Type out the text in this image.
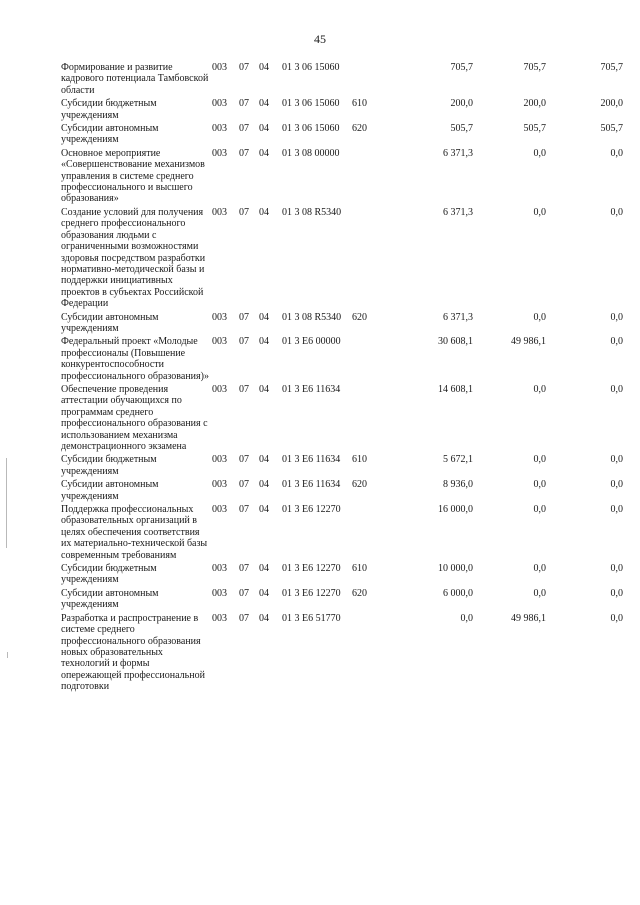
45
Формирование и развитие кадрового потенциала Тамбовской области	003	07	04	01 3 06 15060		705,7	705,7	705,7
Субсидии бюджетным учреждениям	003	07	04	01 3 06 15060	610	200,0	200,0	200,0
Субсидии автономным учреждениям	003	07	04	01 3 06 15060	620	505,7	505,7	505,7
Основное мероприятие «Совершенствование механизмов управления в системе среднего профессионального и высшего образования»	003	07	04	01 3 08 00000		6 371,3	0,0	0,0
Создание условий для получения среднего профессионального образования людьми с ограниченными возможностями здоровья посредством разработки нормативно-методической базы и поддержки инициативных проектов в субъектах Российской Федерации	003	07	04	01 3 08 R5340		6 371,3	0,0	0,0
Субсидии автономным учреждениям	003	07	04	01 3 08 R5340	620	6 371,3	0,0	0,0
Федеральный проект «Молодые профессионалы (Повышение конкурентоспособности профессионального образования)»	003	07	04	01 3 E6 00000		30 608,1	49 986,1	0,0
Обеспечение проведения аттестации обучающихся по программам среднего профессионального образования с использованием механизма демонстрационного экзамена	003	07	04	01 3 E6 11634		14 608,1	0,0	0,0
Субсидии бюджетным учреждениям	003	07	04	01 3 E6 11634	610	5 672,1	0,0	0,0
Субсидии автономным учреждениям	003	07	04	01 3 E6 11634	620	8 936,0	0,0	0,0
Поддержка профессиональных образовательных организаций в целях обеспечения соответствия их материально-технической базы современным требованиям	003	07	04	01 3 E6 12270		16 000,0	0,0	0,0
Субсидии бюджетным учреждениям	003	07	04	01 3 E6 12270	610	10 000,0	0,0	0,0
Субсидии автономным учреждениям	003	07	04	01 3 E6 12270	620	6 000,0	0,0	0,0
Разработка и распространение в системе среднего профессионального образования новых образовательных технологий и формы опережающей профессиональной подготовки	003	07	04	01 3 E6 51770		0,0	49 986,1	0,0
